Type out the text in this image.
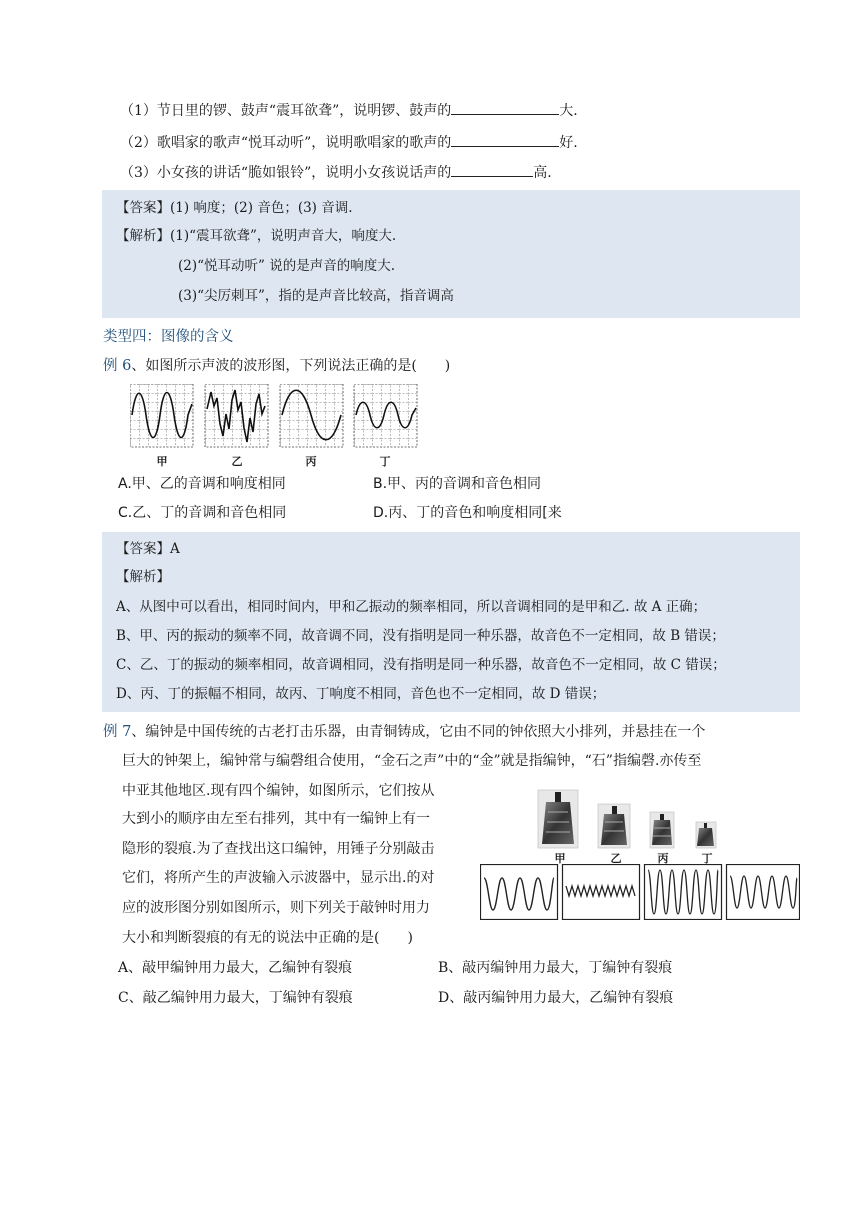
（1）节日里的锣、鼓声“震耳欲聋”，说明锣、鼓声的	大.
（2）歌唱家的歌声“悦耳动听”，说明歌唱家的歌声的	好.
（3）小女孩的讲话“脆如银铃”，说明小女孩说话声的	高.
【答案】(1) 响度；(2) 音色；(3) 音调.
【解析】(1)“震耳欲聋”，说明声音大，响度大.
(2)“悦耳动听” 说的是声音的响度大.
(3)“尖厉刺耳”，指的是声音比较高，指音调高
类型四：图像的含义
例 6、如图所示声波的波形图，下列说法正确的是(　　)
甲	乙	丙	丁
A.甲、乙的音调和响度相同	B.甲、丙的音调和音色相同
C.乙、丁的音调和音色相同	D.丙、丁的音色和响度相同[来
【答案】A
【解析】
A、从图中可以看出，相同时间内，甲和乙振动的频率相同，所以音调相同的是甲和乙. 故 A 正确；
B、甲、丙的振动的频率不同，故音调不同，没有指明是同一种乐器，故音色不一定相同，故 B 错误；
C、乙、丁的振动的频率相同，故音调相同，没有指明是同一种乐器，故音色不一定相同，故 C 错误；
D、丙、丁的振幅不相同，故丙、丁响度不相同，音色也不一定相同，故 D 错误；
例 7、编钟是中国传统的古老打击乐器，由青铜铸成，它由不同的钟依照大小排列，并悬挂在一个
巨大的钟架上，编钟常与编磬组合使用，“金石之声”中的“金”就是指编钟，“石”指编磬.亦传至
中亚其他地区.现有四个编钟，如图所示，它们按从
大到小的顺序由左至右排列，其中有一编钟上有一
隐形的裂痕.为了查找出这口编钟，用锤子分别敲击
它们，将所产生的声波输入示波器中，显示出.的对
应的波形图分别如图所示，则下列关于敲钟时用力
大小和判断裂痕的有无的说法中正确的是(　　)
甲	乙	丙	丁
A、敲甲编钟用力最大，乙编钟有裂痕	B、敲丙编钟用力最大，丁编钟有裂痕
C、敲乙编钟用力最大，丁编钟有裂痕	D、敲丙编钟用力最大，乙编钟有裂痕
